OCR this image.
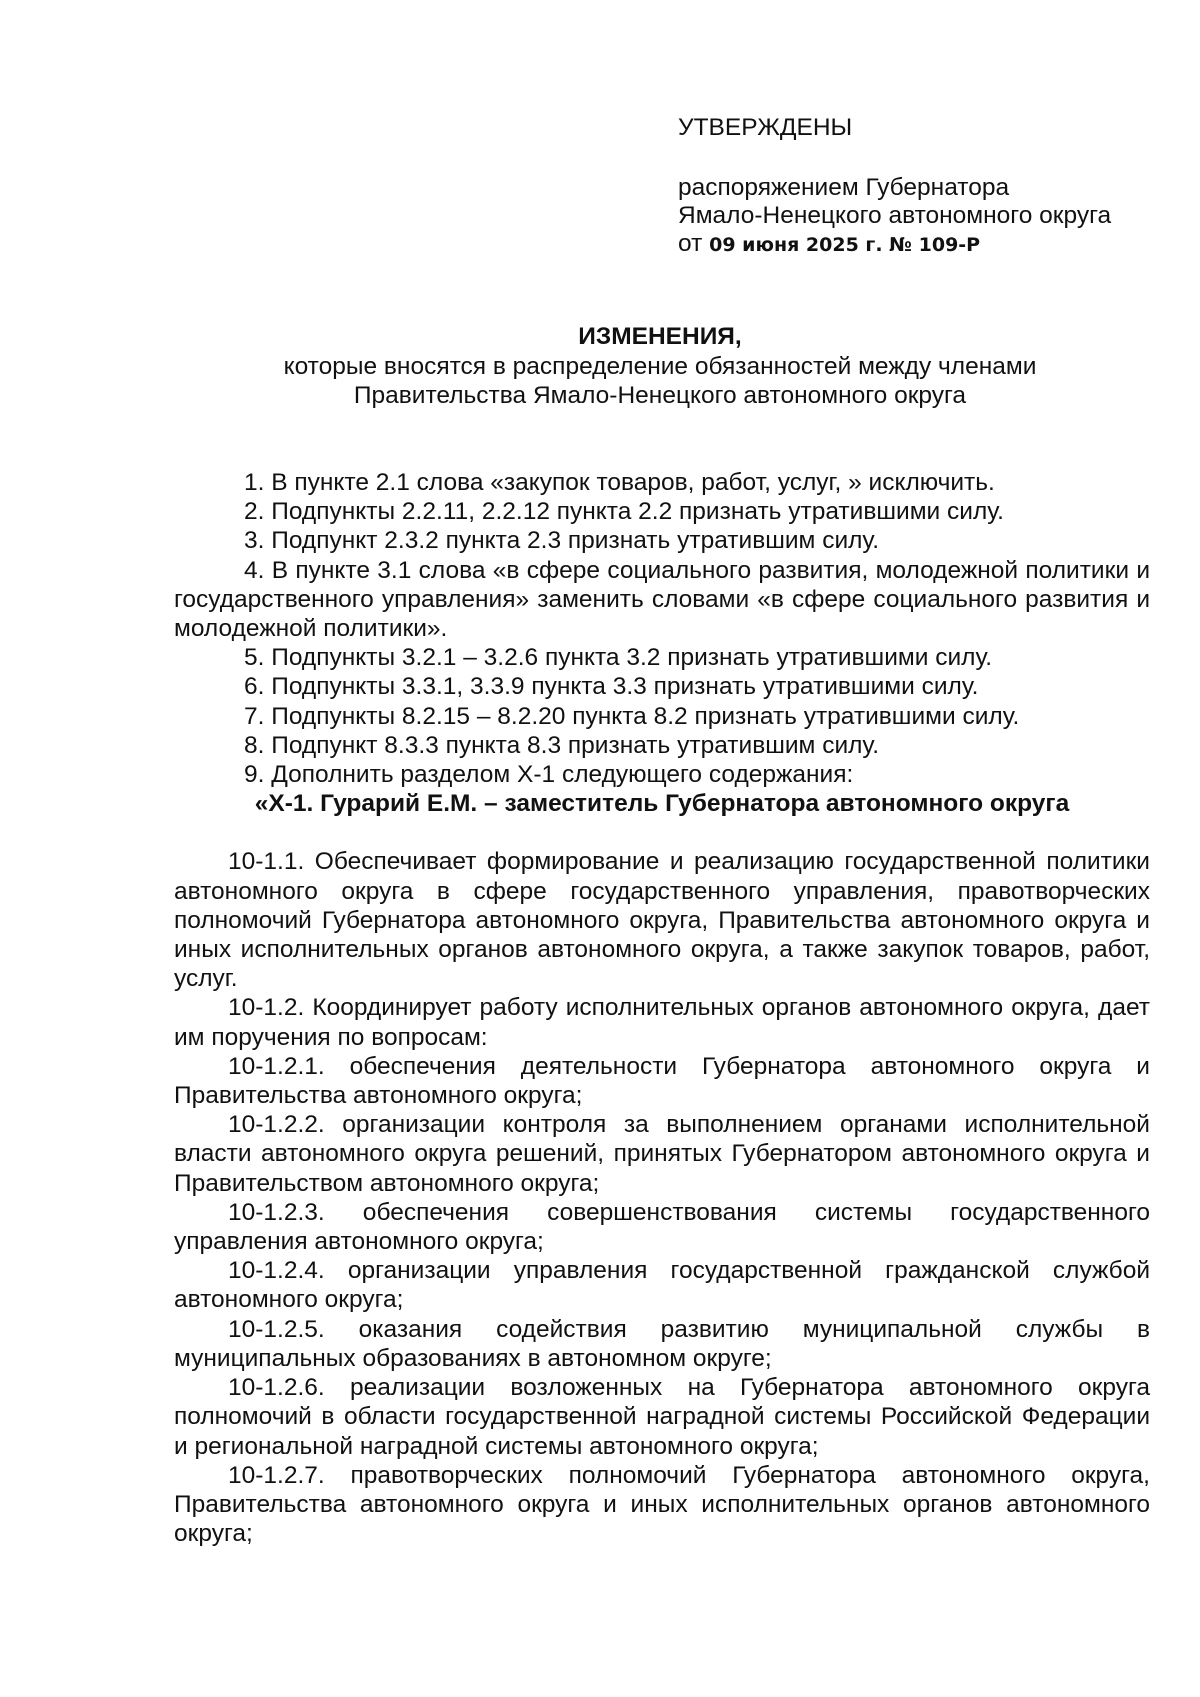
УТВЕРЖДЕНЫ
распоряжением Губернатора
Ямало-Ненецкого автономного округа
от 09 июня 2025 г. № 109-Р
ИЗМЕНЕНИЯ,
которые вносятся в распределение обязанностей между членами
Правительства Ямало-Ненецкого автономного округа

1. В пункте 2.1 слова «закупок товаров, работ, услуг, » исключить.

2. Подпункты 2.2.11, 2.2.12 пункта 2.2 признать утратившими силу.

3. Подпункт 2.3.2 пункта 2.3 признать утратившим силу.

4. В пункте 3.1 слова «в сфере социального развития, молодежной политики и государственного управления» заменить словами «в сфере социального развития и молодежной политики».

5. Подпункты 3.2.1 – 3.2.6 пункта 3.2 признать утратившими силу.

6. Подпункты 3.3.1, 3.3.9 пункта 3.3 признать утратившими силу.

7. Подпункты 8.2.15 – 8.2.20 пункта 8.2 признать утратившими силу.

8. Подпункт 8.3.3 пункта 8.3 признать утратившим силу.

9. Дополнить разделом X-1 следующего содержания:

«X-1. Гурарий Е.М. – заместитель Губернатора автономного округа

10-1.1. Обеспечивает формирование и реализацию государственной политики автономного округа в сфере государственного управления, правотворческих полномочий Губернатора автономного округа, Правительства автономного округа и иных исполнительных органов автономного округа, а также закупок товаров, работ, услуг.

10-1.2. Координирует работу исполнительных органов автономного округа, дает им поручения по вопросам:

10-1.2.1. обеспечения деятельности Губернатора автономного округа и Правительства автономного округа;

10-1.2.2. организации контроля за выполнением органами исполнительной власти автономного округа решений, принятых Губернатором автономного округа и Правительством автономного округа;

10-1.2.3. обеспечения совершенствования системы государственного управления автономного округа;

10-1.2.4. организации управления государственной гражданской службой автономного округа;

10-1.2.5. оказания содействия развитию муниципальной службы в муниципальных образованиях в автономном округе;

10-1.2.6. реализации возложенных на Губернатора автономного округа полномочий в области государственной наградной системы Российской Федерации и региональной наградной системы автономного округа;

10-1.2.7. правотворческих полномочий Губернатора автономного округа, Правительства автономного округа и иных исполнительных органов автономного округа;
